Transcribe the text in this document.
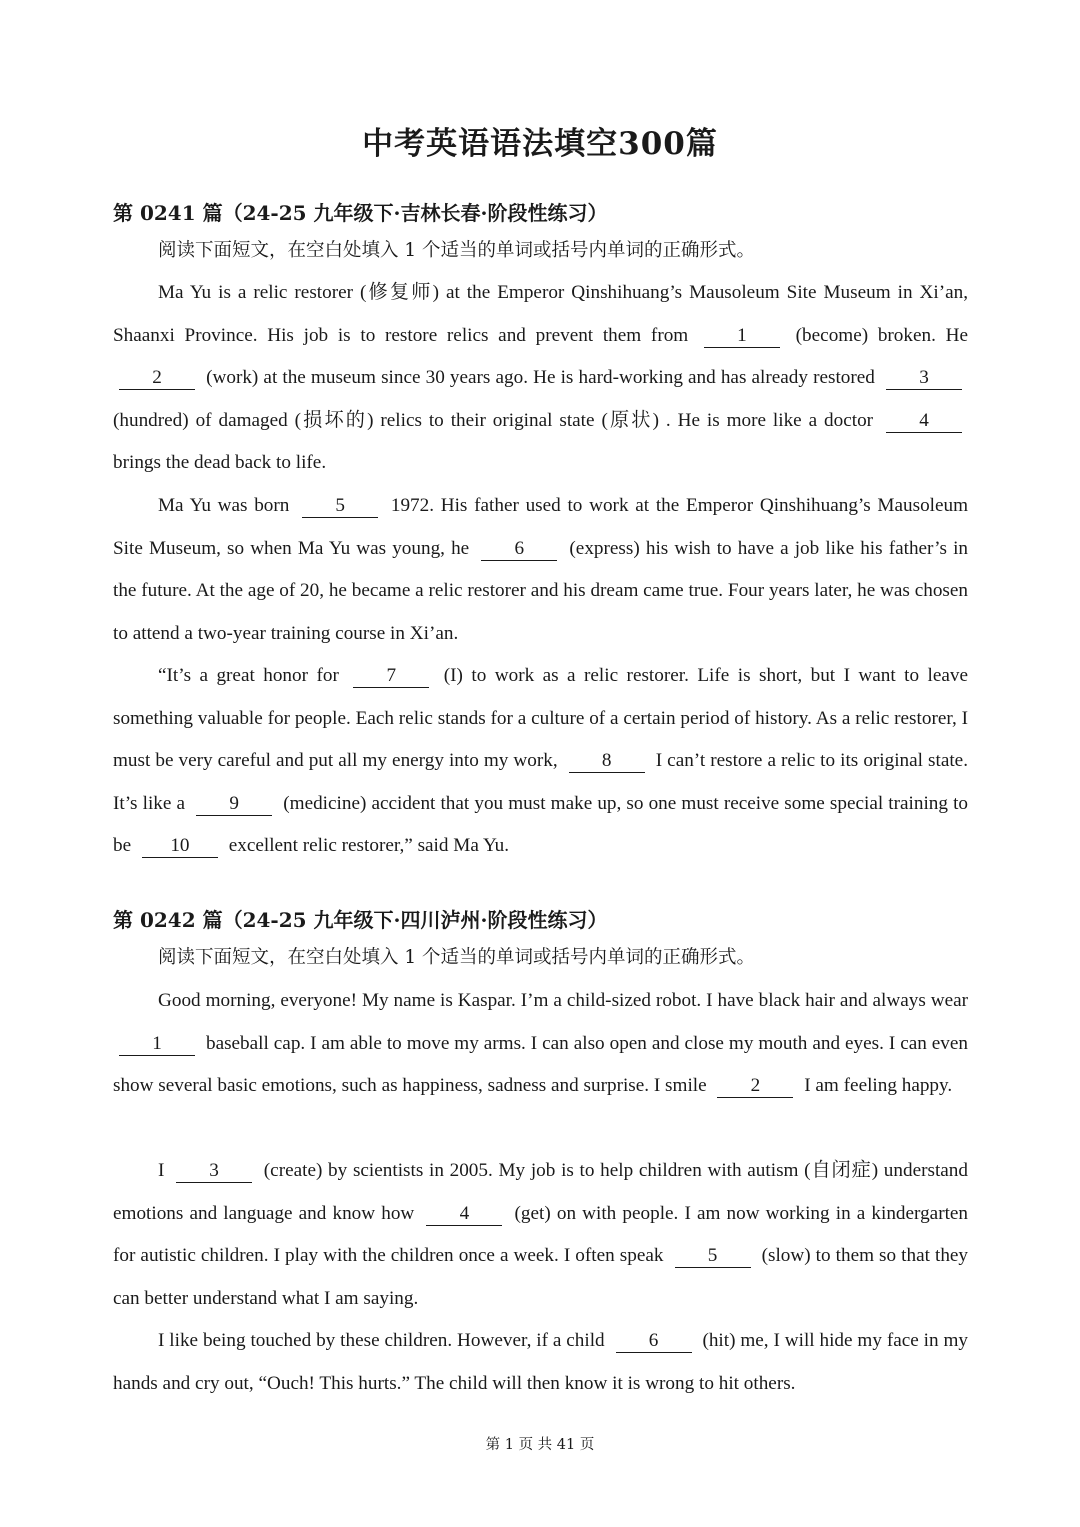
中考英语语法填空300篇
第 0241 篇（24-25 九年级下·吉林长春·阶段性练习）

阅读下面短文，在空白处填入 1 个适当的单词或括号内单词的正确形式。

Ma Yu is a relic restorer (修复师) at the Emperor Qinshihuang’s Mausoleum Site Museum in Xi’an, Shaanxi Province. His job is to restore relics and prevent them from	1	(become) broken. He 2 (work) at the museum since 30 years ago. He is hard-working and has already restored 3 (hundred) of damaged (损坏的) relics to their original state (原状) . He is more like a doctor 4 brings the dead back to life.

Ma Yu was born 5 1972. His father used to work at the Emperor Qinshihuang’s Mausoleum Site Museum, so when Ma Yu was young, he 6 (express) his wish to have a job like his father’s in the future. At the age of 20, he became a relic restorer and his dream came true. Four years later, he was chosen to attend a two-year training course in Xi’an.

“It’s a great honor for 7 (I) to work as a relic restorer. Life is short, but I want to leave something valuable for people. Each relic stands for a culture of a certain period of history. As a relic restorer, I must be very careful and put all my energy into my work, 8 I can’t restore a relic to its original state. It’s like a 9 (medicine) accident that you must make up, so one must receive some special training to be 10 excellent relic restorer,” said Ma Yu.

第 0242 篇（24-25 九年级下·四川泸州·阶段性练习）

阅读下面短文，在空白处填入 1 个适当的单词或括号内单词的正确形式。

Good morning, everyone! My name is Kaspar. I’m a child-sized robot. I have black hair and always wear 1 baseball cap. I am able to move my arms. I can also open and close my mouth and eyes. I can even show several basic emotions, such as happiness, sadness and surprise. I smile 2 I am feeling happy.

I 3 (create) by scientists in 2005. My job is to help children with autism (自闭症) understand emotions and language and know how 4 (get) on with people. I am now working in a kindergarten for autistic children. I play with the children once a week. I often speak 5 (slow) to them so that they can better understand what I am saying.

I like being touched by these children. However, if a child 6 (hit) me, I will hide my face in my hands and cry out, “Ouch! This hurts.” The child will then know it is wrong to hit others.

第 1 页 共 41 页
